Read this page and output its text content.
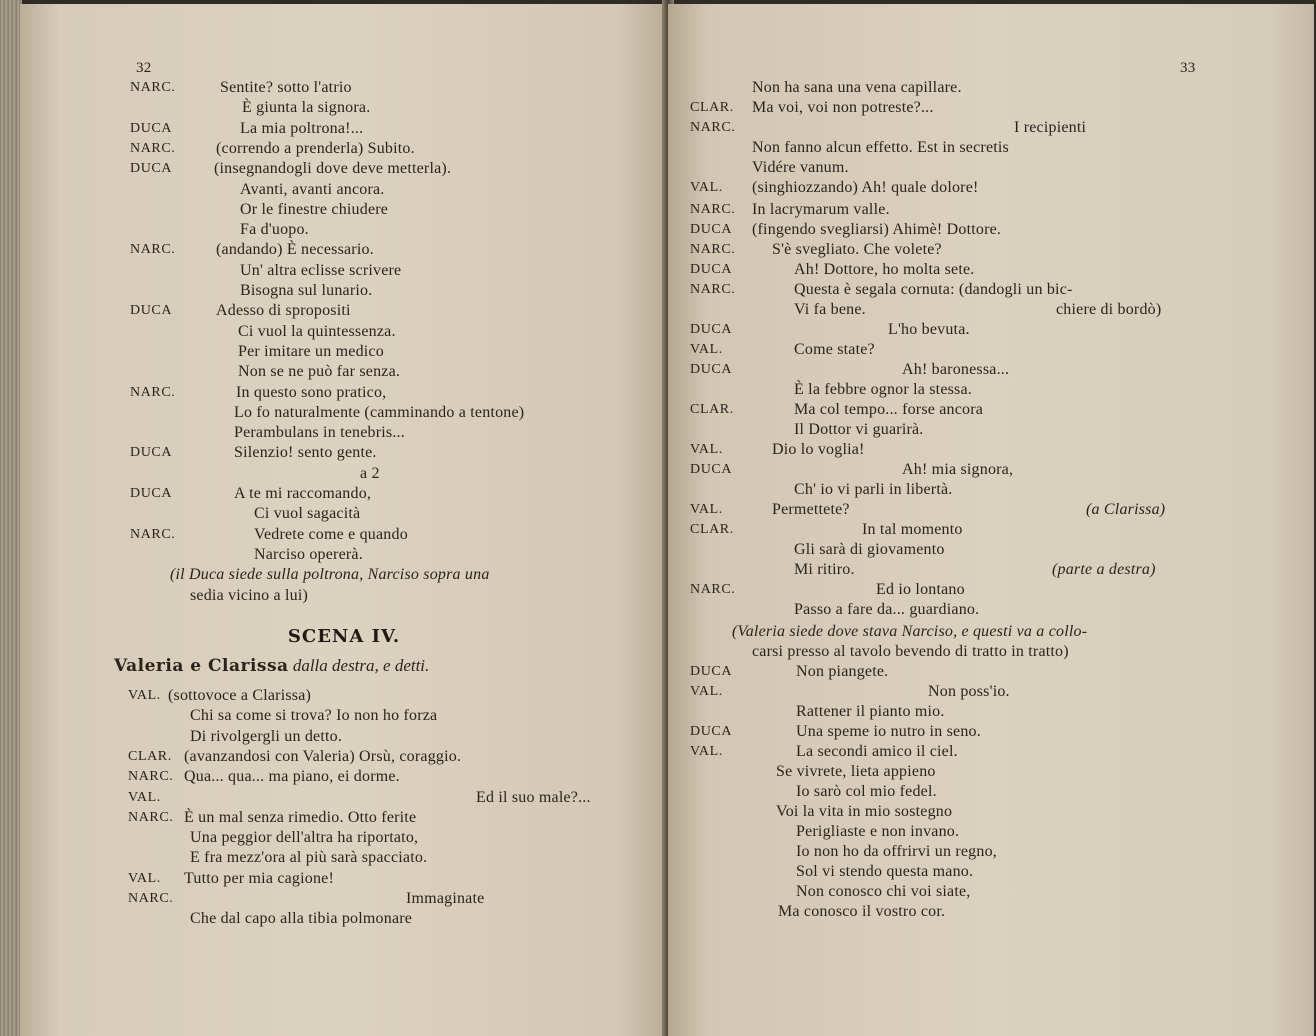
32
NARC.	Sentite? sotto l'atrio
È giunta la signora.
DUCA	La mia poltrona!...
NARC.	(correndo a prenderla) Subito.
DUCA	(insegnandogli dove deve metterla).
Avanti, avanti ancora.
Or le finestre chiudere
Fa d'uopo.
NARC.	(andando) È necessario.
Un' altra eclisse scrivere
Bisogna sul lunario.
DUCA	Adesso di spropositi
Ci vuol la quintessenza.
Per imitare un medico
Non se ne può far senza.
NARC.	In questo sono pratico,
Lo fo naturalmente (camminando a tentone)
Perambulans in tenebris...
DUCA	Silenzio! sento gente.
a 2
DUCA	A te mi raccomando,
Ci vuol sagacità
NARC.	Vedrete come e quando
Narciso opererà.
(il Duca siede sulla poltrona, Narciso sopra una
sedia vicino a lui)
SCENA IV.
Valeria e Clarissa dalla destra, e detti.
VAL. (sottovoce a Clarissa)
Chi sa come si trova? Io non ho forza
Di rivolgergli un detto.
CLAR. (avanzandosi con Valeria) Orsù, coraggio.
NARC. Qua... qua... ma piano, ei dorme.
VAL.	Ed il suo male?...
NARC. È un mal senza rimedio. Otto ferite
Una peggior dell'altra ha riportato,
E fra mezz'ora al più sarà spacciato.
VAL. Tutto per mia cagione!
NARC.	Immaginate
Che dal capo alla tibia polmonare
33
Non ha sana una vena capillare.
CLAR. Ma voi, voi non potreste?...
NARC.	I recipienti
Non fanno alcun effetto. Est in secretis
Vidére vanum.
VAL. (singhiozzando) Ah! quale dolore!
NARC. In lacrymarum valle.
DUCA (fingendo svegliarsi) Ahimè! Dottore.
NARC. S'è svegliato. Che volete?
DUCA	Ah! Dottore, ho molta sete.
NARC.	Questa è segala cornuta: (dandogli un bic-
Vi fa bene.	chiere di bordò)
DUCA	L'ho bevuta.
VAL.	Come state?
DUCA	Ah! baronessa...
È la febbre ognor la stessa.
CLAR.	Ma col tempo... forse ancora
Il Dottor vi guarirà.
VAL.	Dio lo voglia!
DUCA	Ah! mia signora,
Ch' io vi parli in libertà.
VAL.	Permettete?	(a Clarissa)
CLAR.	In tal momento
Gli sarà di giovamento
Mi ritiro.	(parte a destra)
NARC.	Ed io lontano
Passo a fare da... guardiano.
(Valeria siede dove stava Narciso, e questi va a collo-
carsi presso al tavolo bevendo di tratto in tratto)
DUCA	Non piangete.
VAL.	Non poss'io.
Rattener il pianto mio.
DUCA	Una speme io nutro in seno.
VAL.	La secondi amico il ciel.
Se vivrete, lieta appieno
Io sarò col mio fedel.
Voi la vita in mio sostegno
Perigliaste e non invano.
Io non ho da offrirvi un regno,
Sol vi stendo questa mano.
Non conosco chi voi siate,
Ma conosco il vostro cor.
